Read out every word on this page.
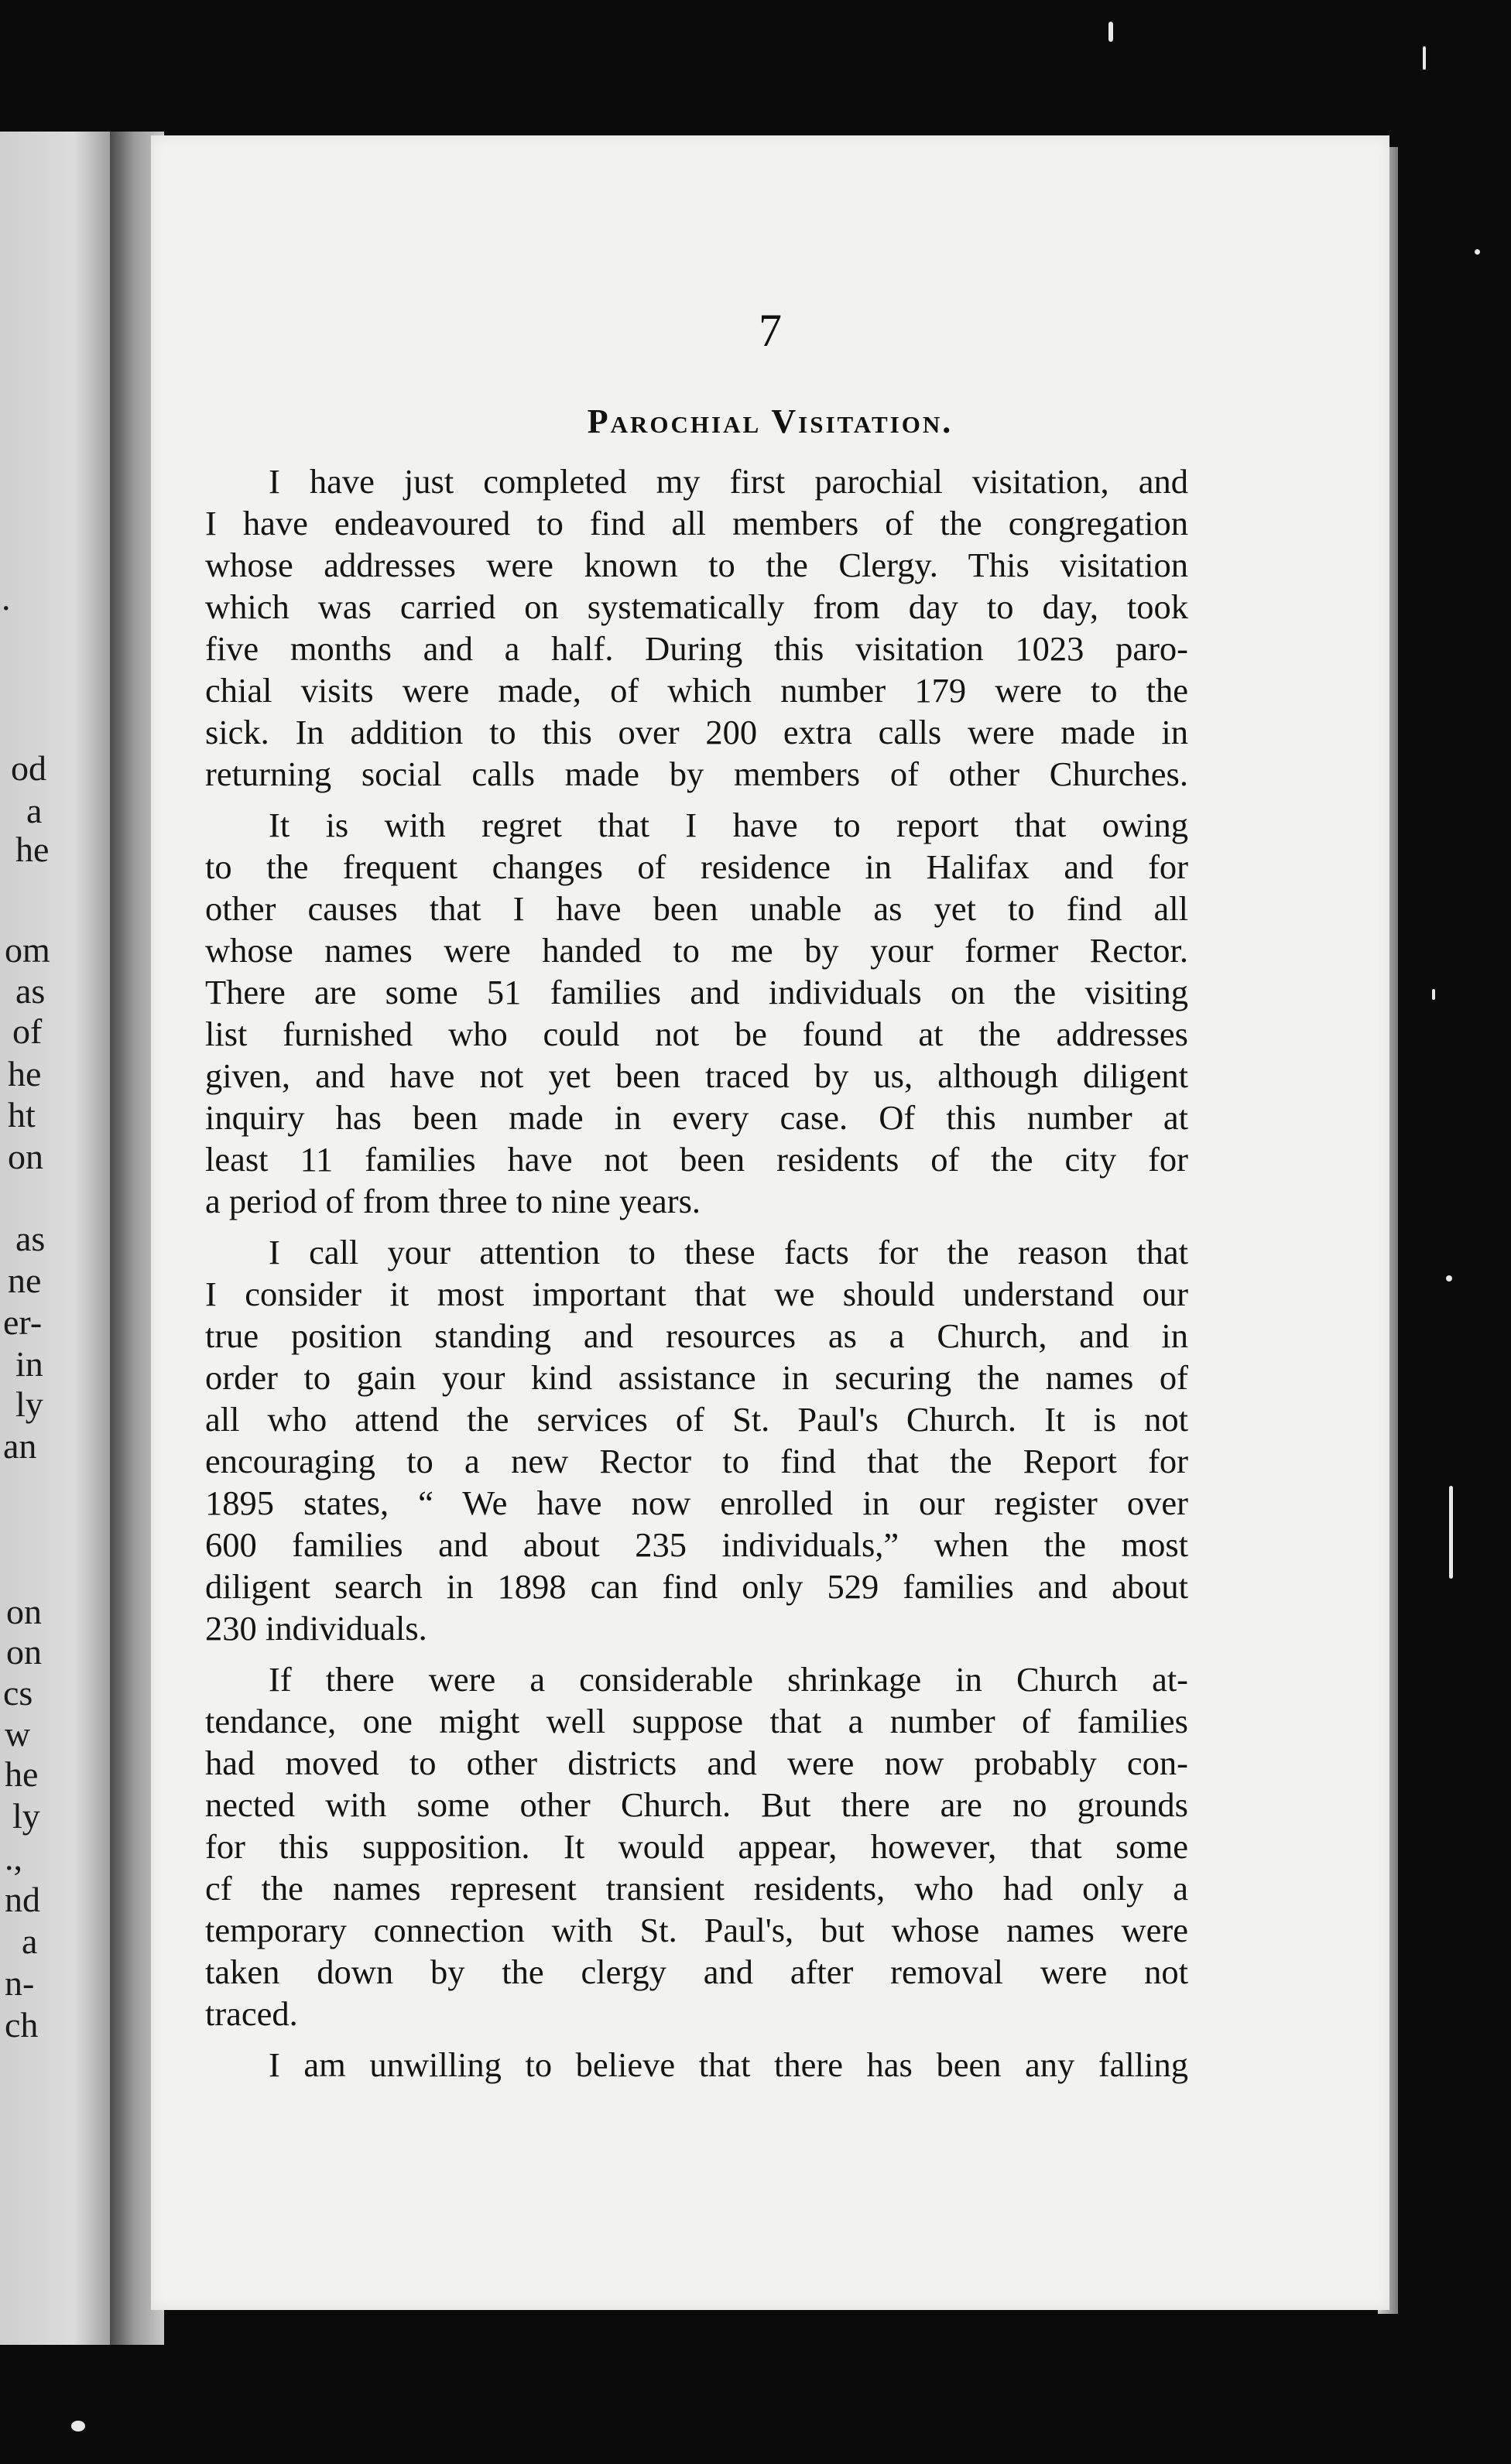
.
od
a
he
om
as
of
he
ht
on
as
ne
er-
in
ly
an
on
on
cs
w
he
ly
.,
nd
a
n-
ch

7

Parochial Visitation.
I have just completed my first parochial visitation, and
I have endeavoured to find all members of the congregation
whose addresses were known to the Clergy. This visitation
which was carried on systematically from day to day, took
five months and a half. During this visitation 1023 paro-
chial visits were made, of which number 179 were to the
sick. In addition to this over 200 extra calls were made in
returning social calls made by members of other Churches.
It is with regret that I have to report that owing
to the frequent changes of residence in Halifax and for
other causes that I have been unable as yet to find all
whose names were handed to me by your former Rector.
There are some 51 families and individuals on the visiting
list furnished who could not be found at the addresses
given, and have not yet been traced by us, although diligent
inquiry has been made in every case. Of this number at
least 11 families have not been residents of the city for
a period of from three to nine years.
I call your attention to these facts for the reason that
I consider it most important that we should understand our
true position standing and resources as a Church, and in
order to gain your kind assistance in securing the names of
all who attend the services of St. Paul's Church. It is not
encouraging to a new Rector to find that the Report for
1895 states, “ We have now enrolled in our register over
600 families and about 235 individuals,” when the most
diligent search in 1898 can find only 529 families and about
230 individuals.
If there were a considerable shrinkage in Church at-
tendance, one might well suppose that a number of families
had moved to other districts and were now probably con-
nected with some other Church. But there are no grounds
for this supposition. It would appear, however, that some
cf the names represent transient residents, who had only a
temporary connection with St. Paul's, but whose names were
taken down by the clergy and after removal were not
traced.
I am unwilling to believe that there has been any falling
